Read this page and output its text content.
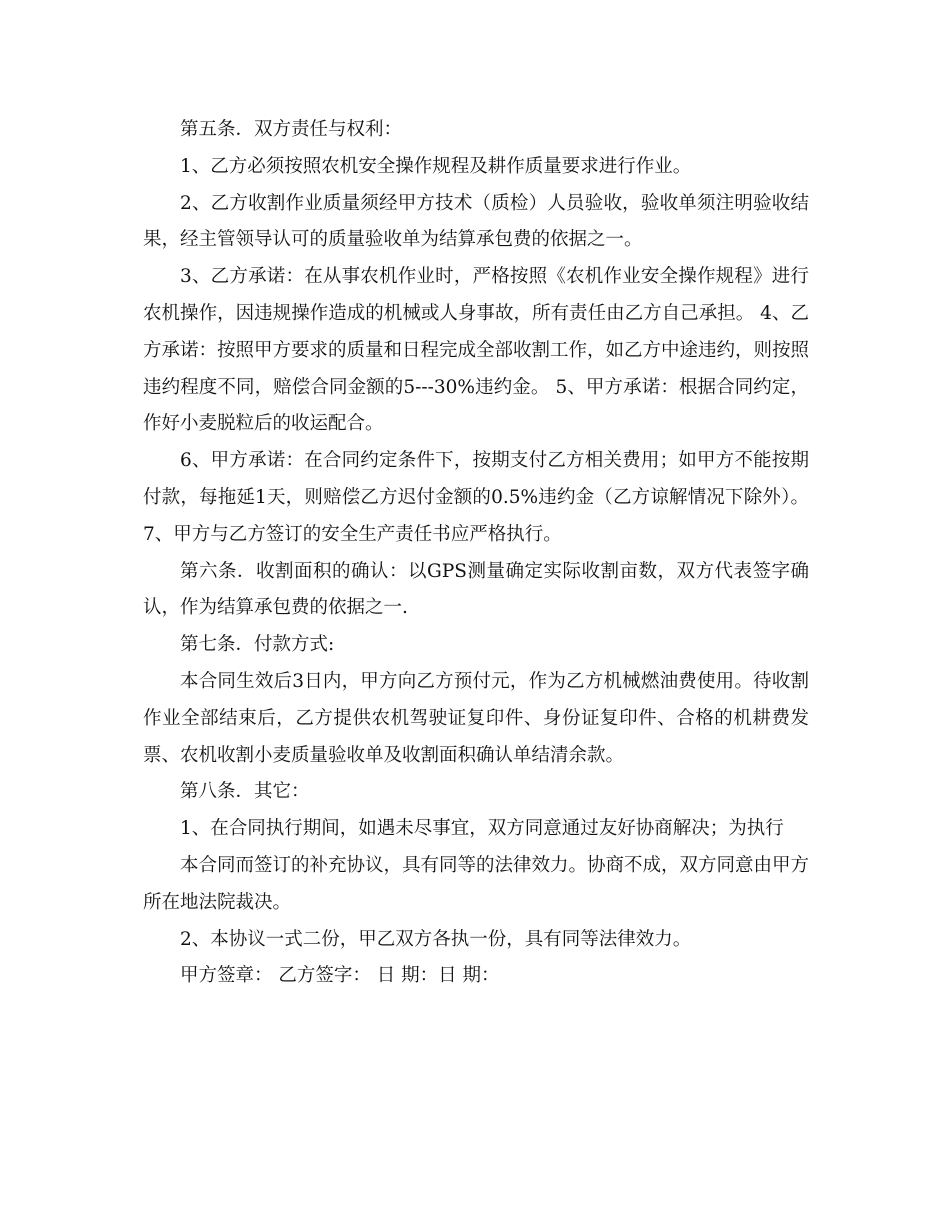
第五条．双方责任与权利：

1、乙方必须按照农机安全操作规程及耕作质量要求进行作业。

2、乙方收割作业质量须经甲方技术（质检）人员验收，验收单须注明验收结果，经主管领导认可的质量验收单为结算承包费的依据之一。

3、乙方承诺：在从事农机作业时，严格按照《农机作业安全操作规程》进行农机操作，因违规操作造成的机械或人身事故，所有责任由乙方自己承担。 4、乙方承诺：按照甲方要求的质量和日程完成全部收割工作，如乙方中途违约，则按照违约程度不同，赔偿合同金额的5---30%违约金。 5、甲方承诺：根据合同约定，作好小麦脱粒后的收运配合。

6、甲方承诺：在合同约定条件下，按期支付乙方相关费用；如甲方不能按期付款，每拖延1天，则赔偿乙方迟付金额的0.5%违约金（乙方谅解情况下除外）。 7、甲方与乙方签订的安全生产责任书应严格执行。

第六条．收割面积的确认：以GPS测量确定实际收割亩数，双方代表签字确认，作为结算承包费的依据之一.

第七条．付款方式:

本合同生效后3日内，甲方向乙方预付元，作为乙方机械燃油费使用。待收割作业全部结束后，乙方提供农机驾驶证复印件、身份证复印件、合格的机耕费发票、农机收割小麦质量验收单及收割面积确认单结清余款。

第八条．其它：

1、在合同执行期间，如遇未尽事宜，双方同意通过友好协商解决；为执行

本合同而签订的补充协议，具有同等的法律效力。协商不成，双方同意由甲方所在地法院裁决。

2、本协议一式二份，甲乙双方各执一份，具有同等法律效力。

甲方签章： 乙方签字： 日 期：日 期：
